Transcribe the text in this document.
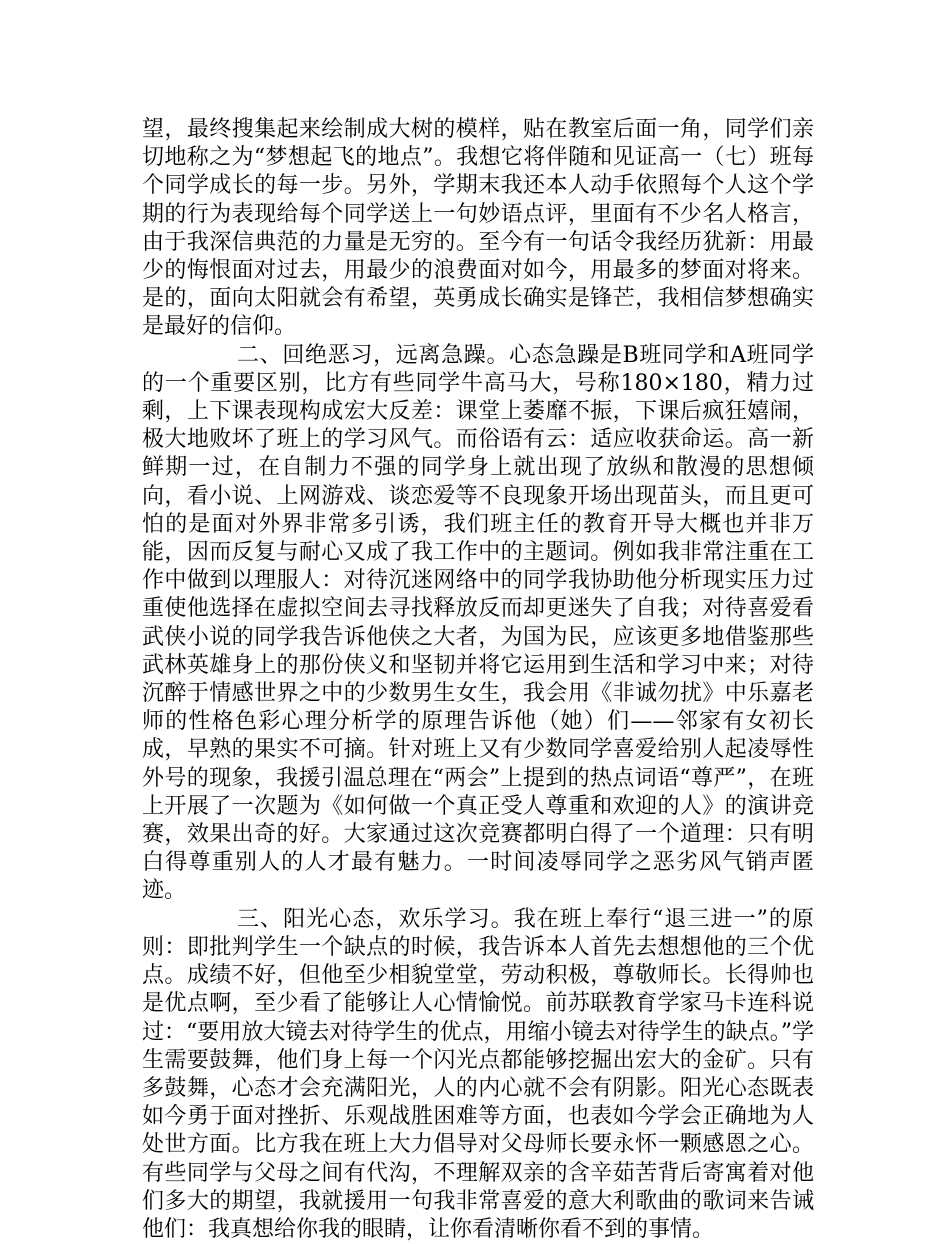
望，最终搜集起来绘制成大树的模样，贴在教室后面一角，同学们亲切地称之为“梦想起飞的地点”。我想它将伴随和见证高一（七）班每个同学成长的每一步。另外，学期末我还本人动手依照每个人这个学期的行为表现给每个同学送上一句妙语点评，里面有不少名人格言，由于我深信典范的力量是无穷的。至今有一句话令我经历犹新：用最少的悔恨面对过去，用最少的浪费面对如今，用最多的梦面对将来。是的，面向太阳就会有希望，英勇成长确实是锋芒，我相信梦想确实是最好的信仰。

二、回绝恶习，远离急躁。心态急躁是B班同学和A班同学的一个重要区别，比方有些同学牛高马大，号称180×180，精力过剩，上下课表现构成宏大反差：课堂上萎靡不振，下课后疯狂嬉闹，极大地败坏了班上的学习风气。而俗语有云：适应收获命运。高一新鲜期一过，在自制力不强的同学身上就出现了放纵和散漫的思想倾向，看小说、上网游戏、谈恋爱等不良现象开场出现苗头，而且更可怕的是面对外界非常多引诱，我们班主任的教育开导大概也并非万能，因而反复与耐心又成了我工作中的主题词。例如我非常注重在工作中做到以理服人：对待沉迷网络中的同学我协助他分析现实压力过重使他选择在虚拟空间去寻找释放反而却更迷失了自我；对待喜爱看武侠小说的同学我告诉他侠之大者，为国为民，应该更多地借鉴那些武林英雄身上的那份侠义和坚韧并将它运用到生活和学习中来；对待沉醉于情感世界之中的少数男生女生，我会用《非诚勿扰》中乐嘉老师的性格色彩心理分析学的原理告诉他（她）们——邻家有女初长成，早熟的果实不可摘。针对班上又有少数同学喜爱给别人起凌辱性外号的现象，我援引温总理在“两会”上提到的热点词语“尊严”，在班上开展了一次题为《如何做一个真正受人尊重和欢迎的人》的演讲竞赛，效果出奇的好。大家通过这次竞赛都明白得了一个道理：只有明白得尊重别人的人才最有魅力。一时间凌辱同学之恶劣风气销声匿迹。

三、阳光心态，欢乐学习。我在班上奉行“退三进一”的原则：即批判学生一个缺点的时候，我告诉本人首先去想想他的三个优点。成绩不好，但他至少相貌堂堂，劳动积极，尊敬师长。长得帅也是优点啊，至少看了能够让人心情愉悦。前苏联教育学家马卡连科说过：“要用放大镜去对待学生的优点，用缩小镜去对待学生的缺点。”学生需要鼓舞，他们身上每一个闪光点都能够挖掘出宏大的金矿。只有多鼓舞，心态才会充满阳光，人的内心就不会有阴影。阳光心态既表如今勇于面对挫折、乐观战胜困难等方面，也表如今学会正确地为人处世方面。比方我在班上大力倡导对父母师长要永怀一颗感恩之心。有些同学与父母之间有代沟，不理解双亲的含辛茹苦背后寄寓着对他们多大的期望，我就援用一句我非常喜爱的意大利歌曲的歌词来告诫他们：我真想给你我的眼睛，让你看清晰你看不到的事情。
